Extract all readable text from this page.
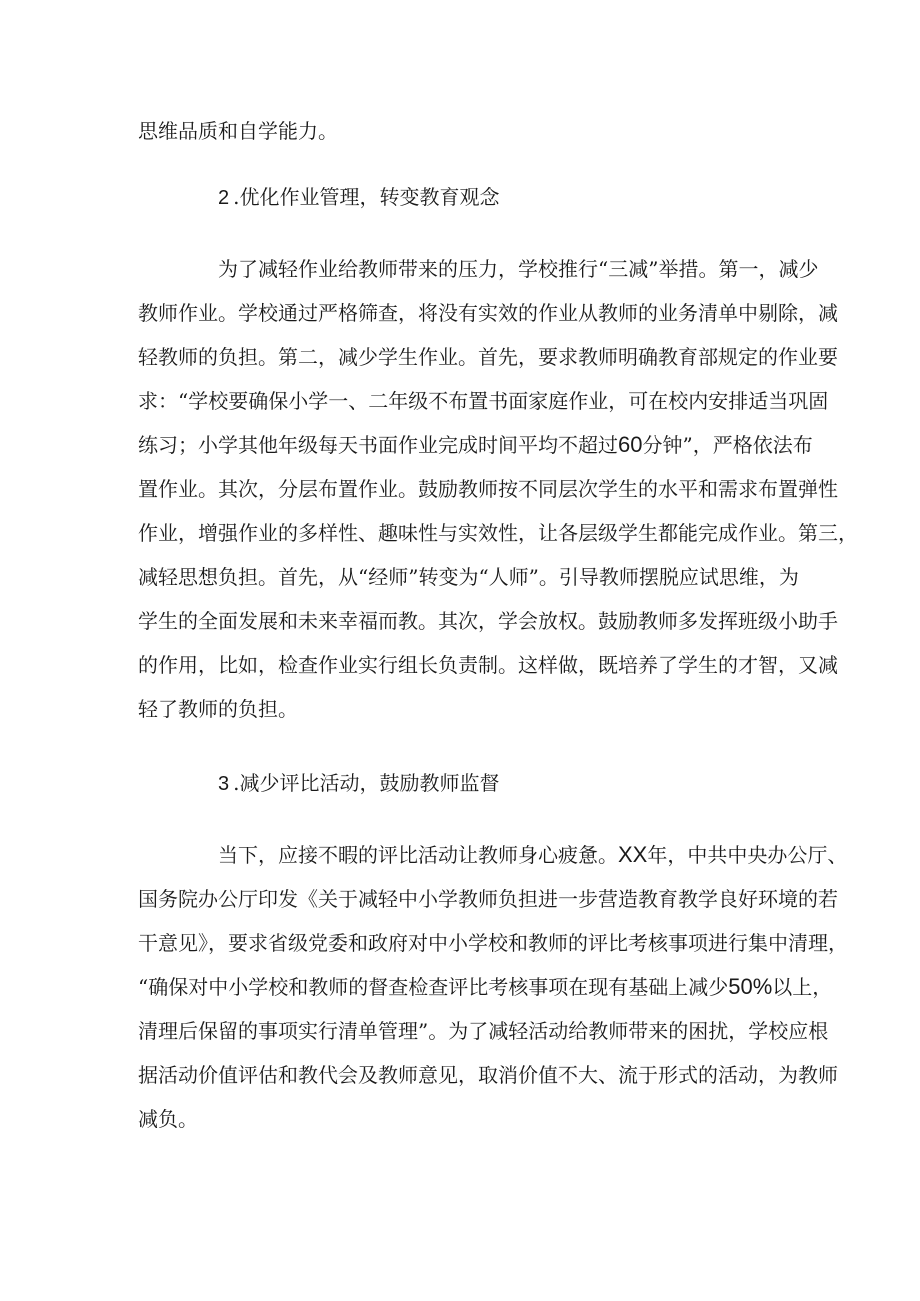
思维品质和自学能力。
2 .优化作业管理，转变教育观念
为了减轻作业给教师带来的压力，学校推行“三减”举措。第一，减少
教师作业。学校通过严格筛查，将没有实效的作业从教师的业务清单中剔除，减
轻教师的负担。第二，减少学生作业。首先，要求教师明确教育部规定的作业要
求：“学校要确保小学一、二年级不布置书面家庭作业，可在校内安排适当巩固
练习；小学其他年级每天书面作业完成时间平均不超过60分钟”，严格依法布
置作业。其次，分层布置作业。鼓励教师按不同层次学生的水平和需求布置弹性
作业，增强作业的多样性、趣味性与实效性，让各层级学生都能完成作业。第三，
减轻思想负担。首先，从“经师”转变为“人师”。引导教师摆脱应试思维，为
学生的全面发展和未来幸福而教。其次，学会放权。鼓励教师多发挥班级小助手
的作用，比如，检查作业实行组长负责制。这样做，既培养了学生的才智，又减
轻了教师的负担。
3 .减少评比活动，鼓励教师监督
当下，应接不暇的评比活动让教师身心疲惫。XX年，中共中央办公厅、
国务院办公厅印发《关于减轻中小学教师负担进一步营造教育教学良好环境的若
干意见》，要求省级党委和政府对中小学校和教师的评比考核事项进行集中清理，
“确保对中小学校和教师的督查检查评比考核事项在现有基础上减少50%以上，
清理后保留的事项实行清单管理”。为了减轻活动给教师带来的困扰，学校应根
据活动价值评估和教代会及教师意见，取消价值不大、流于形式的活动，为教师
减负。
